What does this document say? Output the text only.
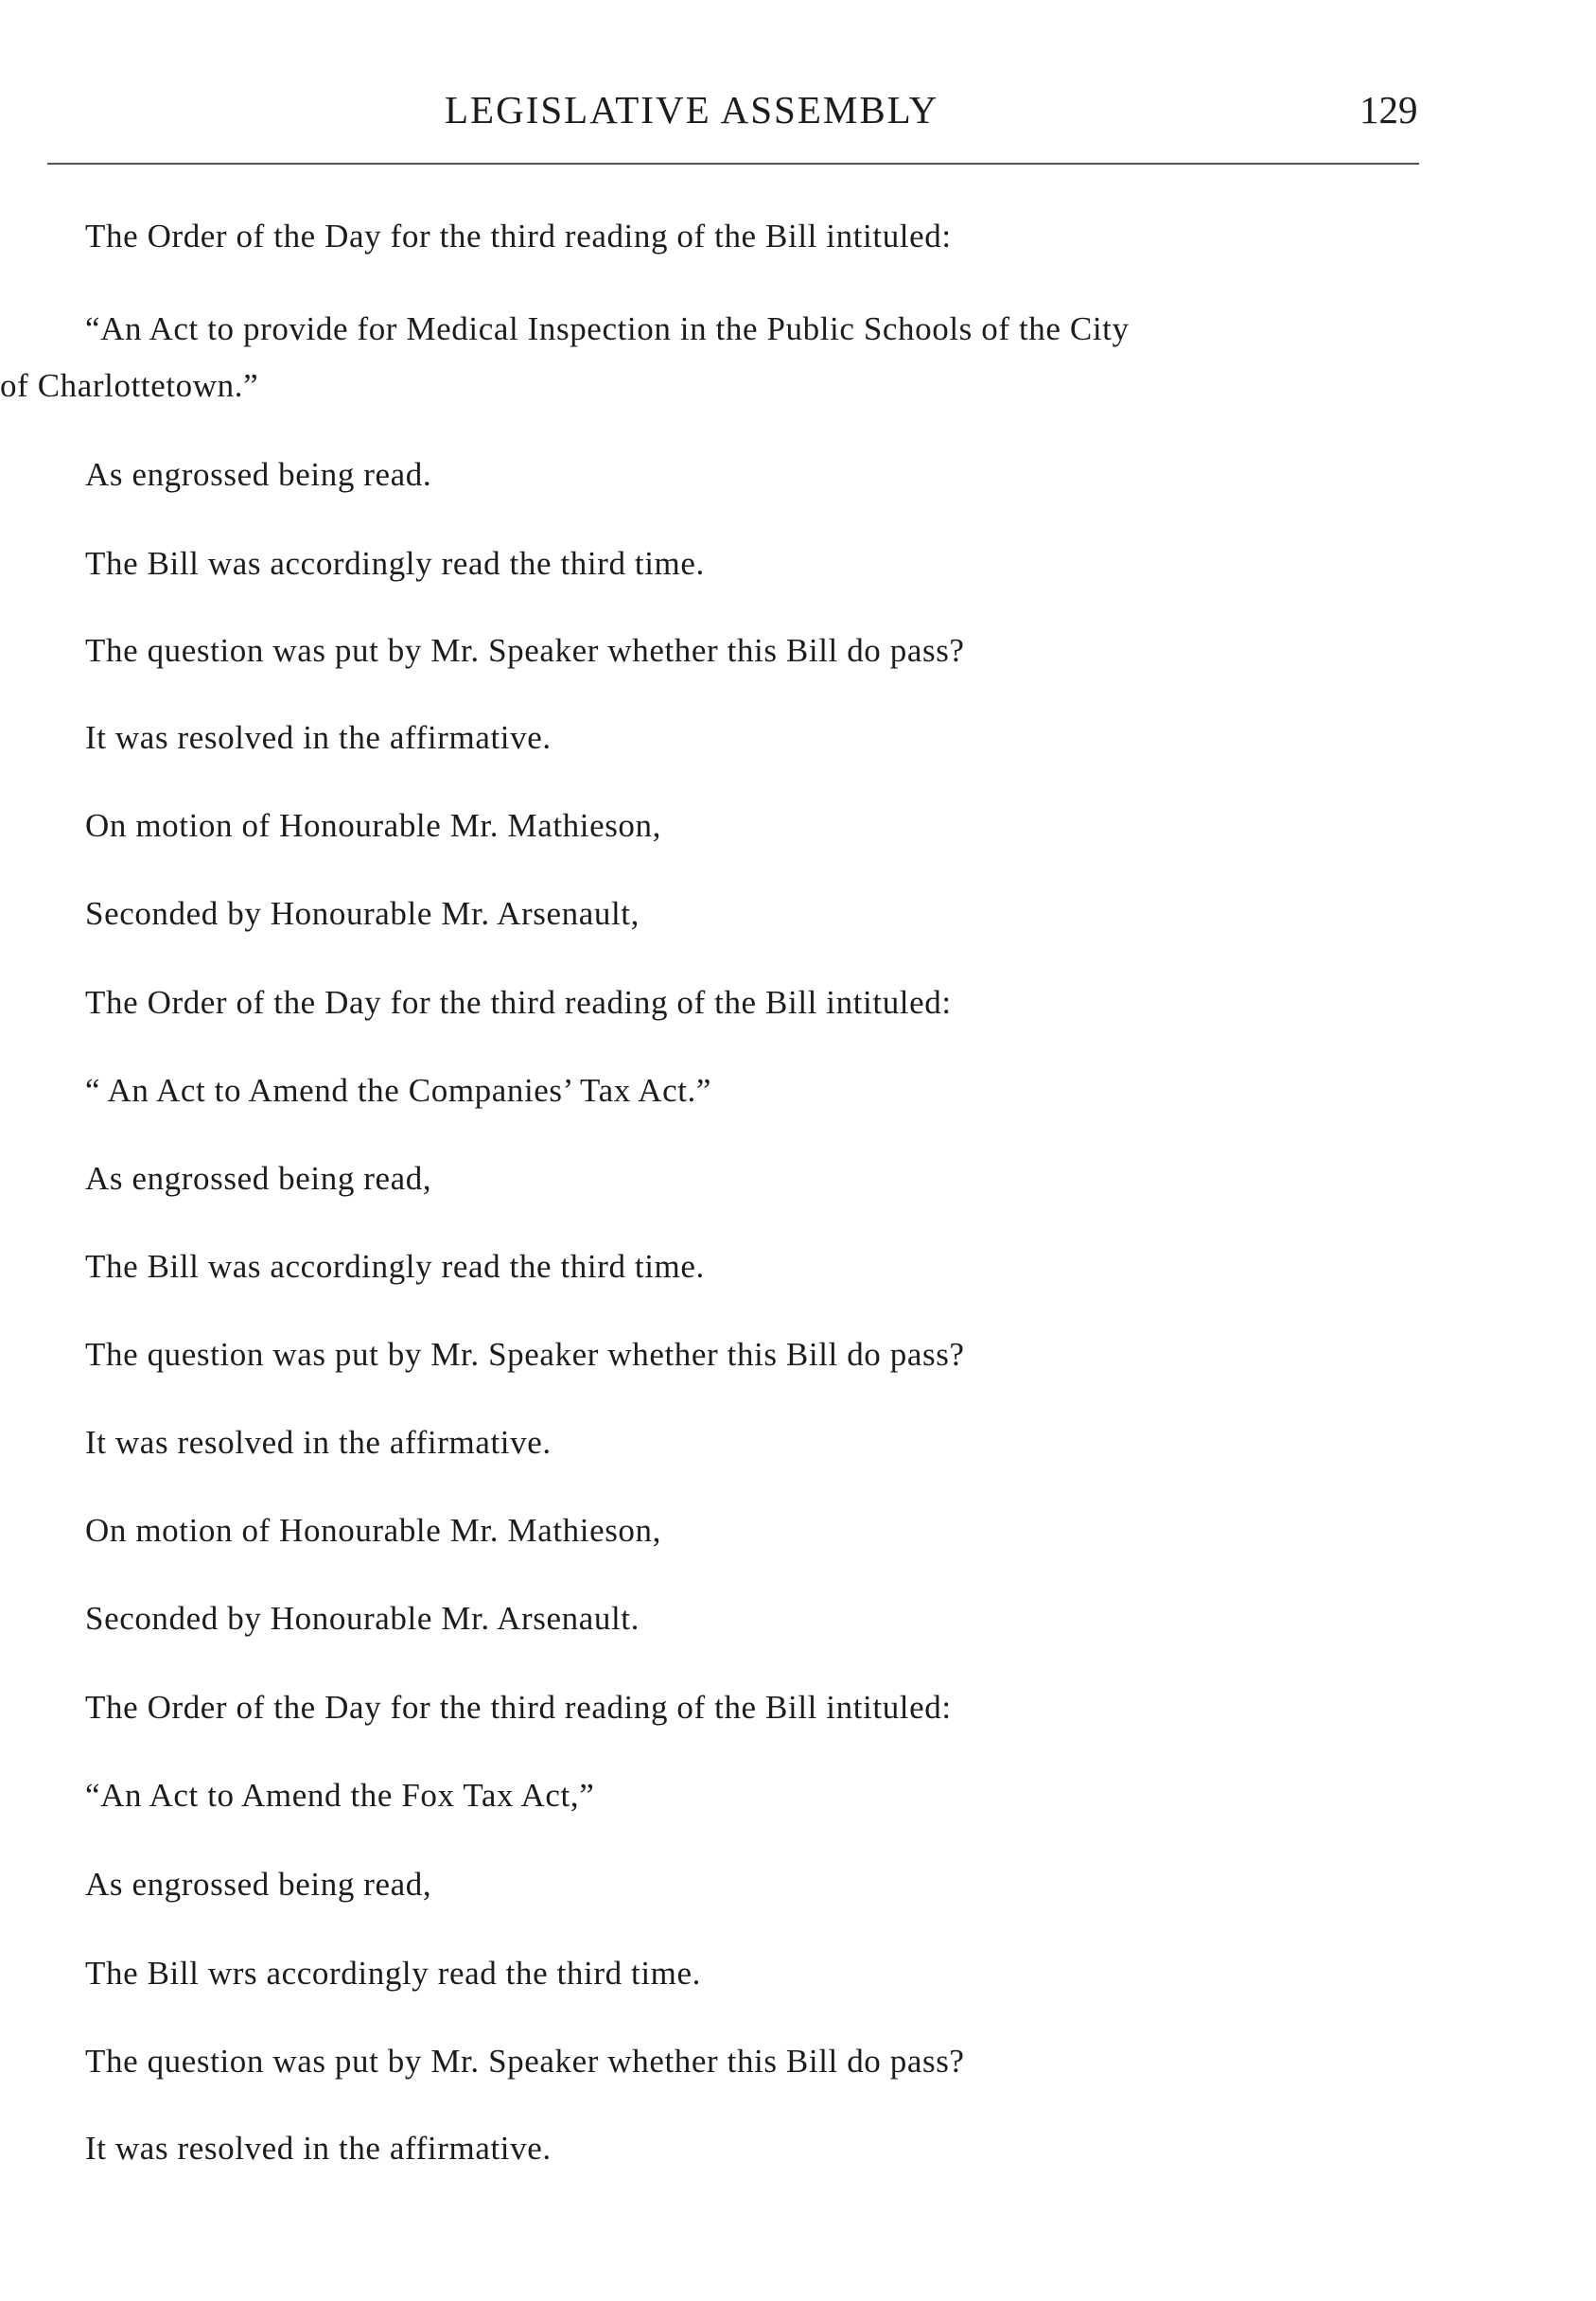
LEGISLATIVE ASSEMBLY	129
The Order of the Day for the third reading of the Bill intituled:
“An Act to provide for Medical Inspection in the Public Schools of the City
of Charlottetown.”
As engrossed being read.
The Bill was accordingly read the third time.
The question was put by Mr. Speaker whether this Bill do pass?
It was resolved in the affirmative.
On motion of Honourable Mr. Mathieson,
Seconded by Honourable Mr. Arsenault,
The Order of the Day for the third reading of the Bill intituled:
“ An Act to Amend the Companies’ Tax Act.”
As engrossed being read,
The Bill was accordingly read the third time.
The question was put by Mr. Speaker whether this Bill do pass?
It was resolved in the affirmative.
On motion of Honourable Mr. Mathieson,
Seconded by Honourable Mr. Arsenault.
The Order of the Day for the third reading of the Bill intituled:
“An Act to Amend the Fox Tax Act,”
As engrossed being read,
The Bill wrs accordingly read the third time.
The question was put by Mr. Speaker whether this Bill do pass?
It was resolved in the affirmative.
